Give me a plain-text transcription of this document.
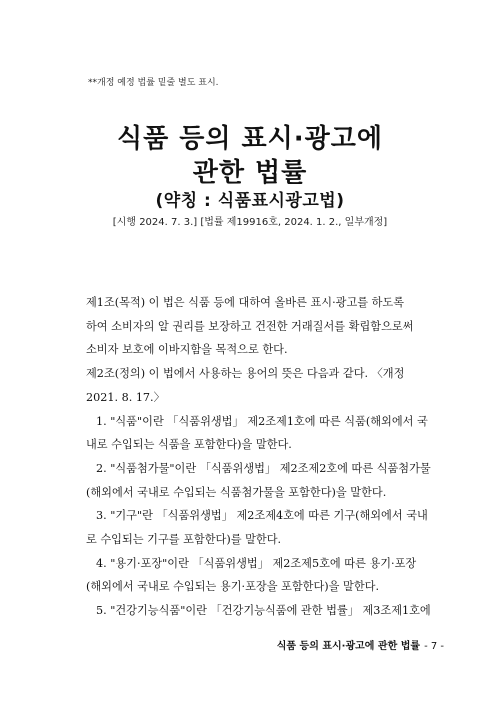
**개정 예정 법률 밑줄 별도 표시.
식품 등의 표시·광고에
관한 법률
(약칭 : 식품표시광고법)
[시행 2024. 7. 3.] [법률 제19916호, 2024. 1. 2., 일부개정]
제1조(목적) 이 법은 식품 등에 대하여 올바른 표시·광고를 하도록
하여 소비자의 알 권리를 보장하고 건전한 거래질서를 확립함으로써
소비자 보호에 이바지함을 목적으로 한다.
제2조(정의) 이 법에서 사용하는 용어의 뜻은 다음과 같다. 〈개정
2021. 8. 17.〉
1. "식품"이란 「식품위생법」 제2조제1호에 따른 식품(해외에서 국
내로 수입되는 식품을 포함한다)을 말한다.
2. "식품첨가물"이란 「식품위생법」 제2조제2호에 따른 식품첨가물
(해외에서 국내로 수입되는 식품첨가물을 포함한다)을 말한다.
3. "기구"란 「식품위생법」 제2조제4호에 따른 기구(해외에서 국내
로 수입되는 기구를 포함한다)를 말한다.
4. "용기·포장"이란 「식품위생법」 제2조제5호에 따른 용기·포장
(해외에서 국내로 수입되는 용기·포장을 포함한다)을 말한다.
5. "건강기능식품"이란 「건강기능식품에 관한 법률」 제3조제1호에
식품 등의 표시·광고에 관한 법률 - 7 -
